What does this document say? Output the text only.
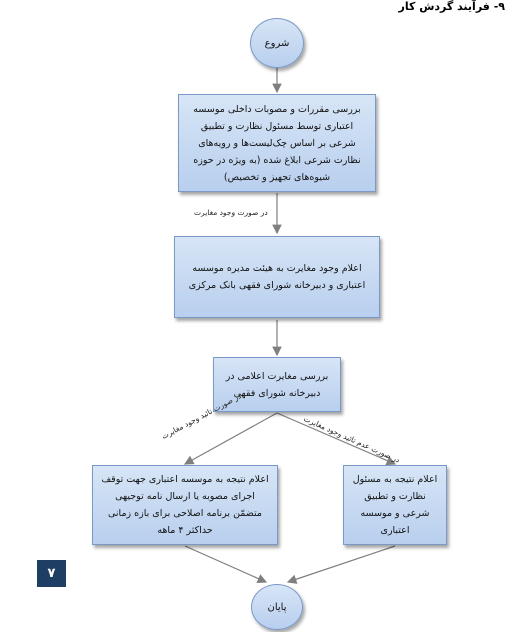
۹- فرآیند گردش کار
شروع
بررسی مقررات و مصوبات داخلی موسسه اعتباری توسط مسئول نظارت و تطبیق شرعی بر اساس چک‌لیست‌ها و رویه‌های نظارت شرعی ابلاغ شده (به ویژه در حوزه شیوه‌های تجهیز و تخصیص)
در صورت وجود مغایرت
اعلام وجود مغایرت به هیئت مدیره موسسه اعتباری و دبیرخانه شورای فقهی بانک مرکزی
بررسی مغایرت اعلامی در دبیرخانه شورای فقهی
در صورت تائید وجود مغایرت	در صورت عدم تائید وجود مغایرت
اعلام نتیجه به موسسه اعتباری جهت توقف اجرای مصوبه یا ارسال نامه توجیهی متضمّن برنامه اصلاحی برای بازه زمانی حداکثر ۴ ماهه
اعلام نتیجه به مسئول نظارت و تطبیق شرعی و موسسه اعتباری
۷
پایان
